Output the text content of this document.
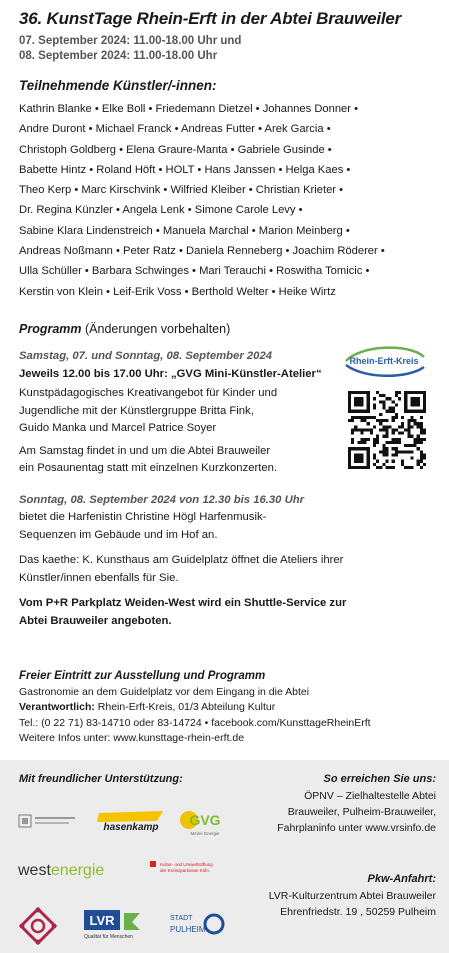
36. KunstTage Rhein-Erft in der Abtei Brauweiler
07. September 2024: 11.00-18.00 Uhr und
08. September 2024: 11.00-18.00 Uhr
Teilnehmende Künstler/-innen:
Kathrin Blanke • Elke Boll • Friedemann Dietzel • Johannes Donner •
Andre Duront • Michael Franck • Andreas Futter • Arek Garcia •
Christoph Goldberg • Elena Graure-Manta • Gabriele Gusinde •
Babette Hintz • Roland Höft • HOLT • Hans Janssen • Helga Kaes •
Theo Kerp • Marc Kirschvink • Wilfried Kleiber • Christian Krieter •
Dr. Regina Künzler • Angela Lenk • Simone Carole Levy •
Sabine Klara Lindenstreich • Manuela Marchal • Marion Meinberg •
Andreas Noßmann • Peter Ratz • Daniela Renneberg • Joachim Röderer •
Ulla Schüller • Barbara Schwinges • Mari Terauchi • Roswitha Tomicic •
Kerstin von Klein • Leif-Erik Voss • Berthold Welter • Heike Wirtz
Programm (Änderungen vorbehalten)
Samstag, 07. und Sonntag, 08. September 2024
Jeweils 12.00 bis 17.00 Uhr: „GVG Mini-Künstler-Atelier“
Kunstpädagogisches Kreativangebot für Kinder und
Jugendliche mit der Künstlergruppe Britta Fink,
Guido Manka und Marcel Patrice Soyer
Am Samstag findet in und um die Abtei Brauweiler
ein Posaunentag statt mit einzelnen Kurzkonzerten.
Sonntag, 08. September 2024 von 12.30 bis 16.30 Uhr
bietet die Harfenistin Christine Högl Harfenmusik-
Sequenzen im Gebäude und im Hof an.
Das kaethe: K. Kunsthaus am Guidelplatz öffnet die Ateliers ihrer
Künstler/innen ebenfalls für Sie.
Vom P+R Parkplatz Weiden-West wird ein Shuttle-Service zur
Abtei Brauweiler angeboten.
Rhein-Erft-Kreis
Freier Eintritt zur Ausstellung und Programm
Gastronomie an dem Guidelplatz vor dem Eingang in die Abtei
Verantwortlich: Rhein-Erft-Kreis, 01/3 Abteilung Kultur
Tel.: (0 22 71) 83-14710 oder 83-14724 • facebook.com/KunsttageRheinErft
Weitere Infos unter: www.kunsttage-rhein-erft.de
Mit freundlicher Unterstützung:	So erreichen Sie uns:
ÖPNV – Zielhaltestelle Abtei
Brauweiler, Pulheim-Brauweiler,
Fahrplaninfo unter www.vrsinfo.de
Pkw-Anfahrt:
LVR-Kulturzentrum Abtei Brauweiler
Ehrenfriedstr. 19 , 50259 Pulheim
hasenkamp GVG
Meine Energie
westenergie	Kultur- und Umweltstiftung
der Kreissparkasse Köln
LVR
Qualität für Menschen
STADT
PULHEIM
